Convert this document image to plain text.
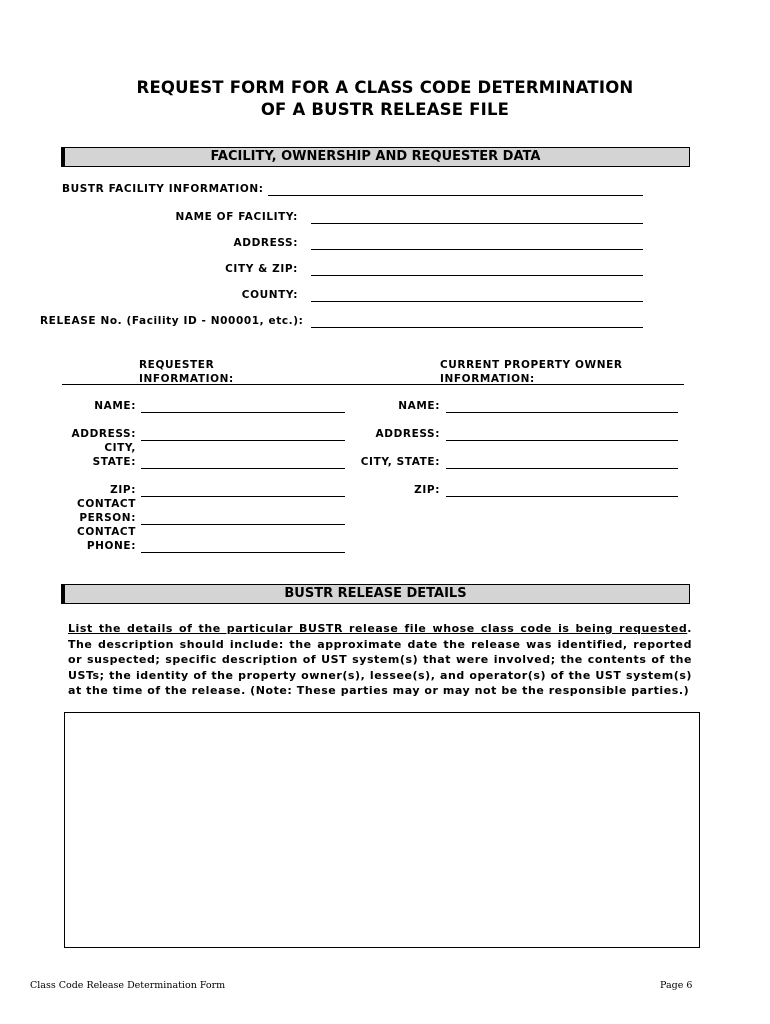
REQUEST FORM FOR A CLASS CODE DETERMINATION
OF A BUSTR RELEASE FILE
FACILITY, OWNERSHIP AND REQUESTER DATA
BUSTR FACILITY INFORMATION:
NAME OF FACILITY:
ADDRESS:
CITY & ZIP:
COUNTY:
RELEASE No. (Facility ID - N00001, etc.):
REQUESTER
INFORMATION:
CURRENT PROPERTY OWNER
INFORMATION:
NAME:
ADDRESS:
CITY,
STATE:
ZIP:
CONTACT
PERSON:
CONTACT
PHONE:
NAME:
ADDRESS:
CITY, STATE:
ZIP:
BUSTR RELEASE DETAILS
List the details of the particular BUSTR release file whose class code is being requested. The description should include: the approximate date the release was identified, reported or suspected; specific description of UST system(s) that were involved; the contents of the USTs; the identity of the property owner(s), lessee(s), and operator(s) of the UST system(s) at the time of the release. (Note: These parties may or may not be the responsible parties.)
Class Code Release Determination Form	Page 6
